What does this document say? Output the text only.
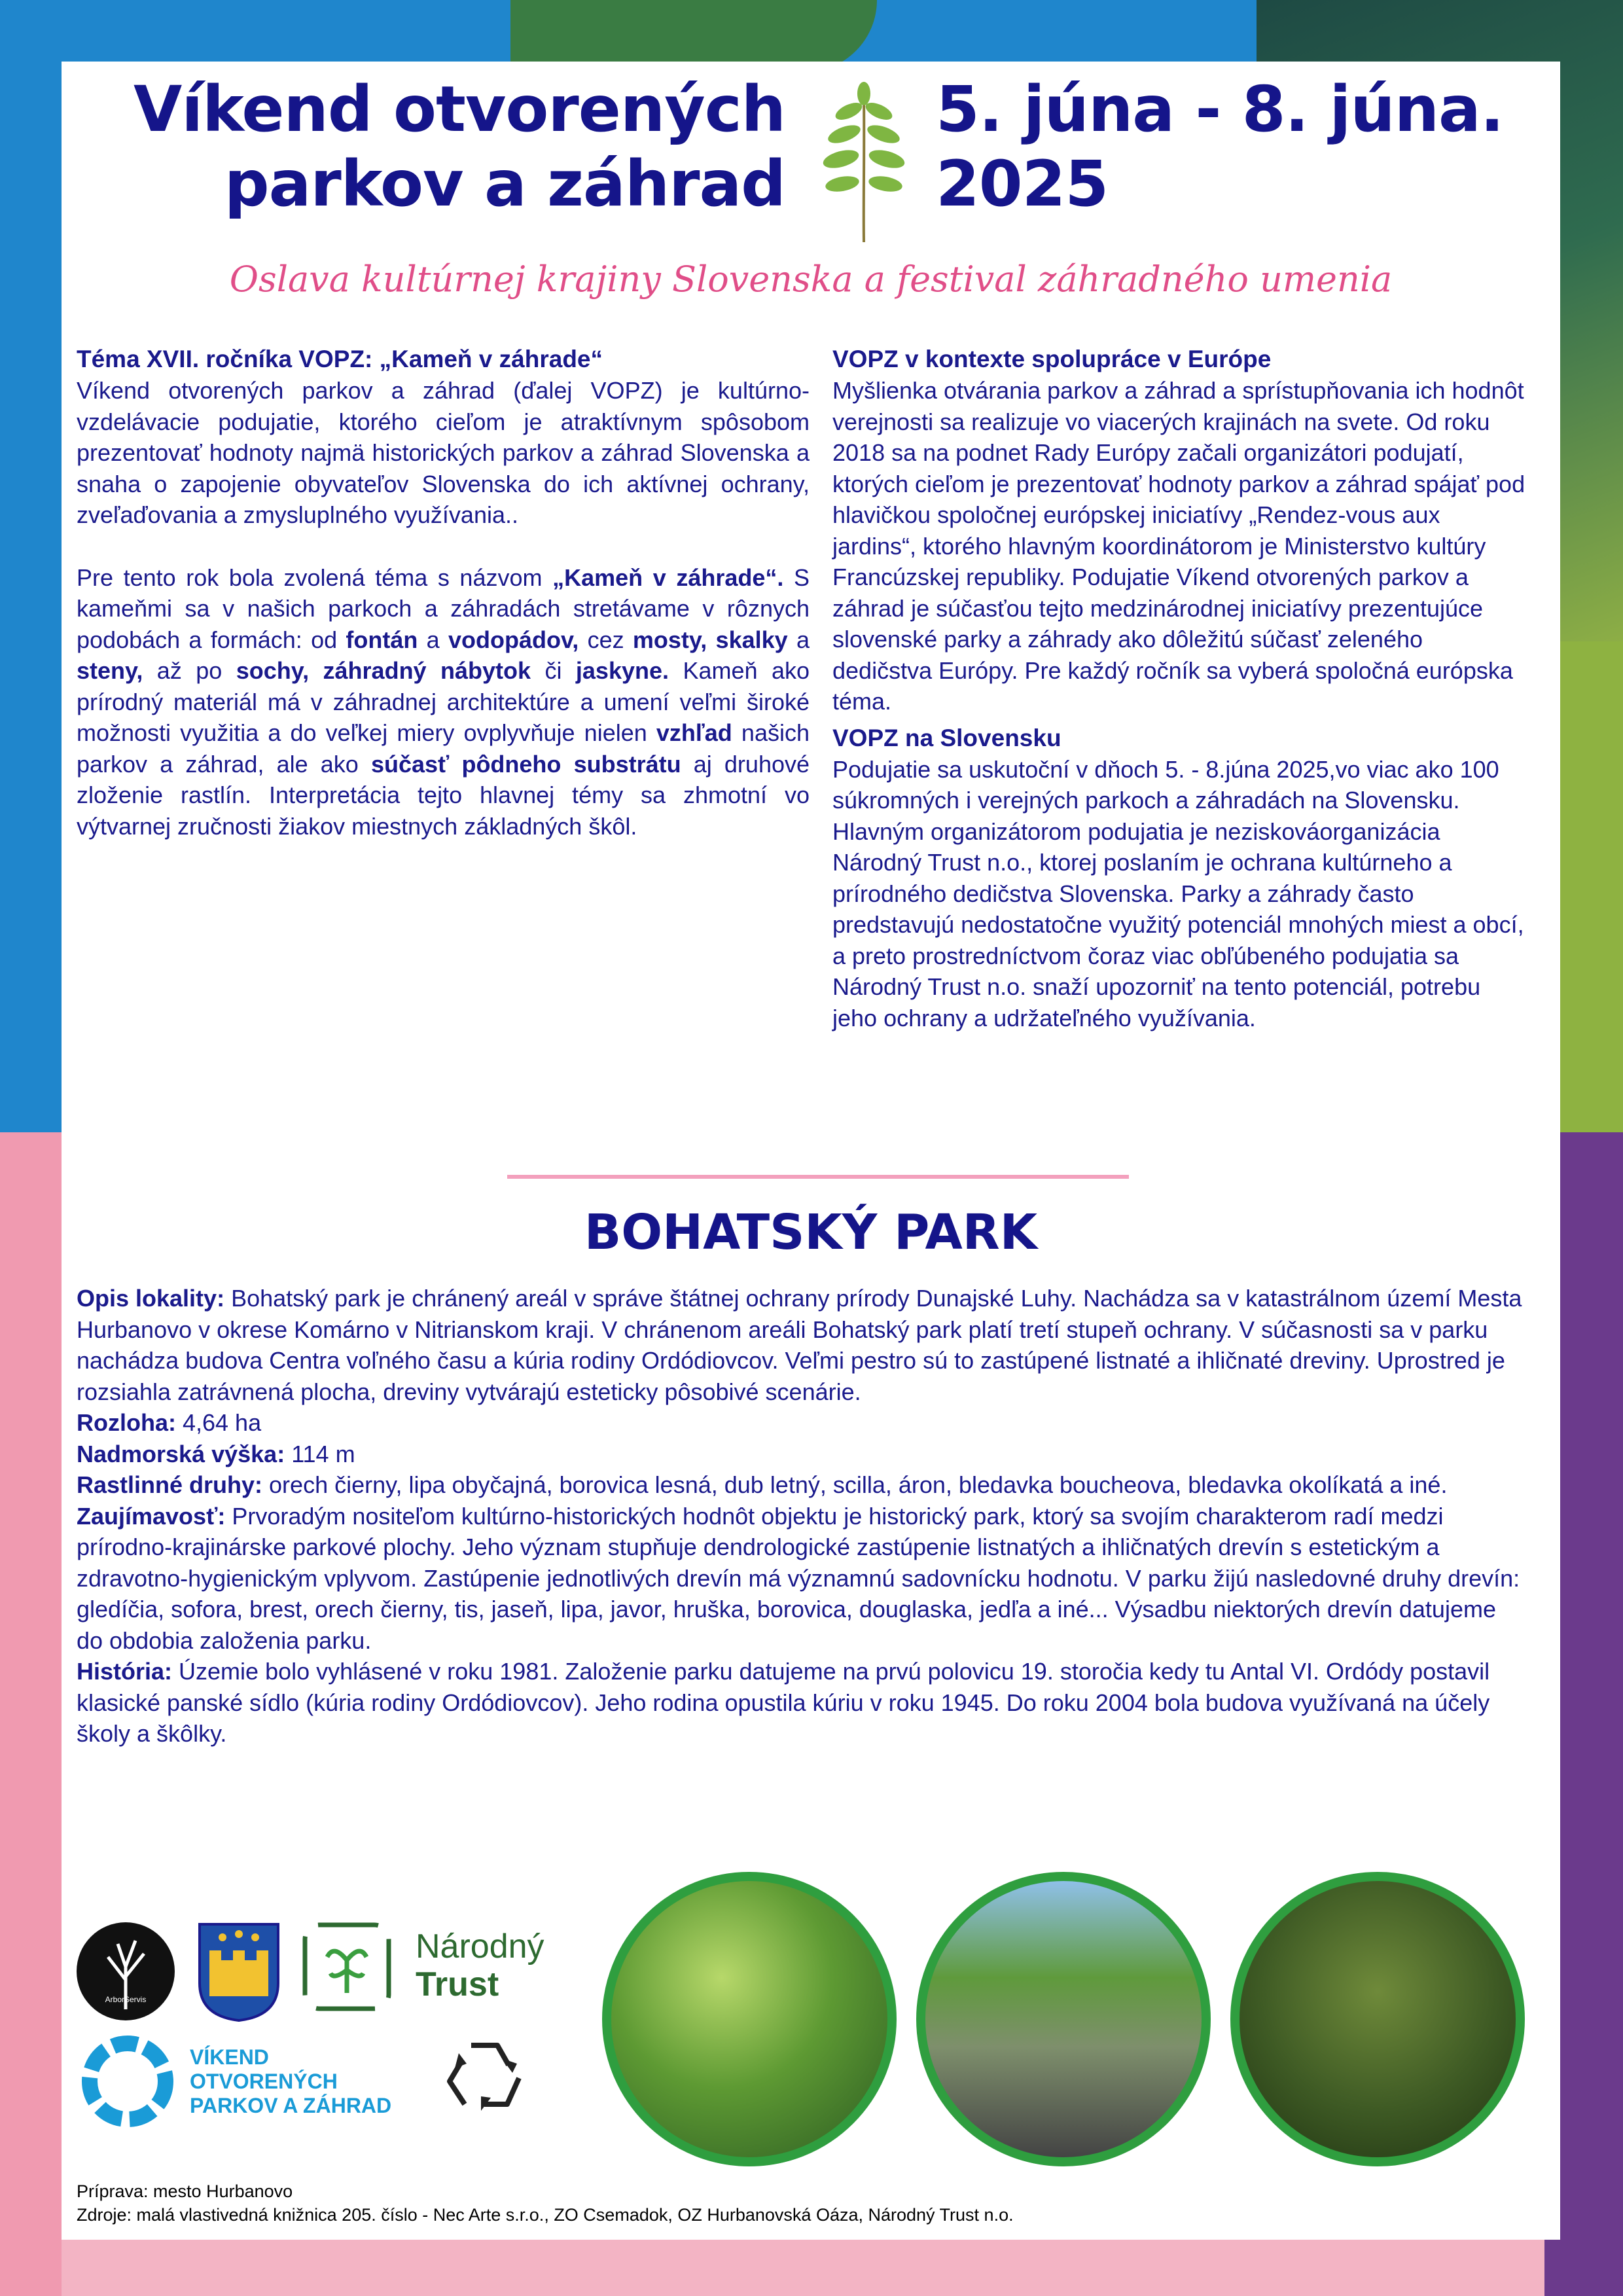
Víkend otvorených
parkov a záhrad
5. júna - 8. júna.
2025
Oslava kultúrnej krajiny Slovenska a festival záhradného umenia
Téma XVII. ročníka VOPZ: „Kameň v záhrade“

Víkend otvorených parkov a záhrad (ďalej VOPZ) je kultúrno-vzdelávacie podujatie, ktorého cieľom je atraktívnym spôsobom prezentovať hodnoty najmä historických parkov a záhrad Slovenska a snaha o zapojenie obyvateľov Slovenska do ich aktívnej ochrany, zveľaďovania a zmysluplného využívania..

Pre tento rok bola zvolená téma s názvom „Kameň v záhrade“. S kameňmi sa v našich parkoch a záhradách stretávame v rôznych podobách a formách: od fontán a vodopádov, cez mosty, skalky a steny, až po sochy, záhradný nábytok či jaskyne. Kameň ako prírodný materiál má v záhradnej architektúre a umení veľmi široké možnosti využitia a do veľkej miery ovplyvňuje nielen vzhľad našich parkov a záhrad, ale ako súčasť pôdneho substrátu aj druhové zloženie rastlín. Interpretácia tejto hlavnej témy sa zhmotní vo výtvarnej zručnosti žiakov miestnych základných škôl.

VOPZ v kontexte spolupráce v Európe

Myšlienka otvárania parkov a záhrad a sprístupňovania ich hodnôt verejnosti sa realizuje vo viacerých krajinách na svete. Od roku 2018 sa na podnet Rady Európy začali organizátori podujatí, ktorých cieľom je prezentovať hodnoty parkov a záhrad spájať pod hlavičkou spoločnej európskej iniciatívy „Rendez-vous aux jardins“, ktorého hlavným koordinátorom je Ministerstvo kultúry Francúzskej republiky. Podujatie Víkend otvorených parkov a záhrad je súčasťou tejto medzinárodnej iniciatívy prezentujúce slovenské parky a záhrady ako dôležitú súčasť zeleného dedičstva Európy. Pre každý ročník sa vyberá spoločná európska téma.

VOPZ na Slovensku

Podujatie sa uskutoční v dňoch 5. - 8.júna 2025,vo viac ako 100 súkromných i verejných parkoch a záhradách na Slovensku. Hlavným organizátorom podujatia je neziskováorganizácia Národný Trust n.o., ktorej poslaním je ochrana kultúrneho a prírodného dedičstva Slovenska. Parky a záhrady často predstavujú nedostatočne využitý potenciál mnohých miest a obcí, a preto prostredníctvom čoraz viac obľúbeného podujatia sa Národný Trust n.o. snaží upozorniť na tento potenciál, potrebu jeho ochrany a udržateľného využívania.

BOHATSKÝ PARK

Opis lokality: Bohatský park je chránený areál v správe štátnej ochrany prírody Dunajské Luhy. Nachádza sa v katastrálnom území Mesta Hurbanovo v okrese Komárno v Nitrianskom kraji. V chránenom areáli Bohatský park platí tretí stupeň ochrany. V súčasnosti sa v parku nachádza budova Centra voľného času a kúria rodiny Ordódiovcov. Veľmi pestro sú to zastúpené listnaté a ihličnaté dreviny. Uprostred je rozsiahla zatrávnená plocha, dreviny vytvárajú esteticky pôsobivé scenárie.

Rozloha: 4,64 ha

Nadmorská výška: 114 m

Rastlinné druhy: orech čierny, lipa obyčajná, borovica lesná, dub letný, scilla, áron, bledavka boucheova, bledavka okolíkatá a iné.

Zaujímavosť: Prvoradým nositeľom kultúrno-historických hodnôt objektu je historický park, ktorý sa svojím charakterom radí medzi prírodno-krajinárske parkové plochy. Jeho význam stupňuje dendrologické zastúpenie listnatých a ihličnatých drevín s estetickým a zdravotno-hygienickým vplyvom. Zastúpenie jednotlivých drevín má významnú sadovnícku hodnotu. V parku žijú nasledovné druhy drevín: gledíčia, sofora, brest, orech čierny, tis, jaseň, lipa, javor, hruška, borovica, douglaska, jedľa a iné... Výsadbu niektorých drevín datujeme do obdobia založenia parku.

História: Územie bolo vyhlásené v roku 1981. Založenie parku datujeme na prvú polovicu 19. storočia kedy tu Antal VI. Ordódy postavil klasické panské sídlo (kúria rodiny Ordódiovcov). Jeho rodina opustila kúriu v roku 1945. Do roku 2004 bola budova využívaná na účely školy a škôlky.

ArborServis
Národný
Trust
VÍKEND
OTVORENÝCH
PARKOV A ZÁHRAD
Príprava: mesto Hurbanovo
Zdroje: malá vlastivedná knižnica 205. číslo - Nec Arte s.r.o., ZO Csemadok, OZ Hurbanovská Oáza, Národný Trust n.o.
